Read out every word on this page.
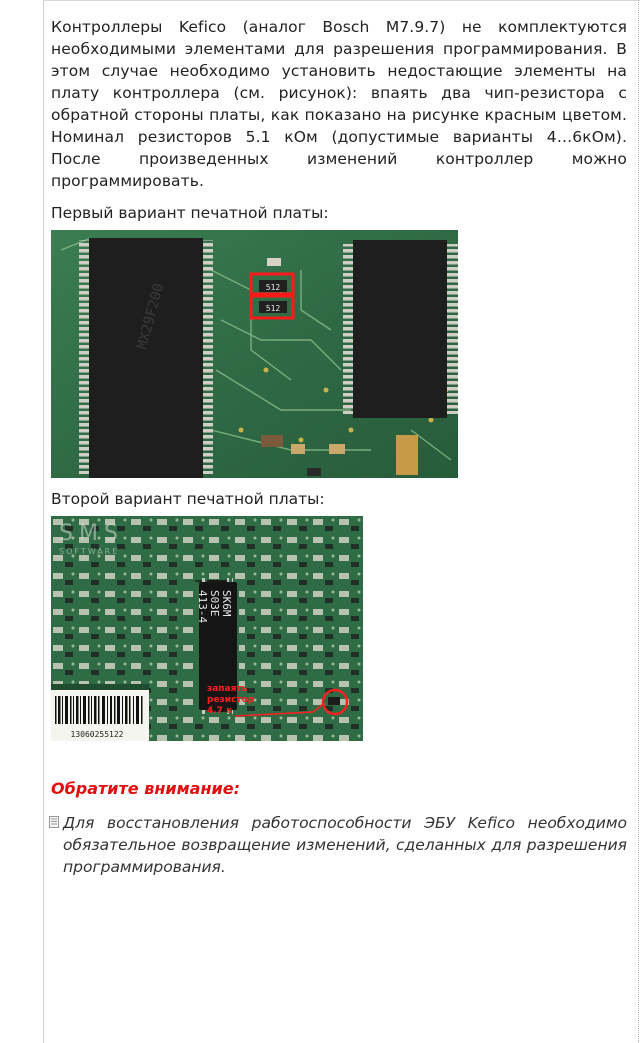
Контроллеры Kefico (аналог Bosch M7.9.7) не комплектуются необходимыми элементами для разрешения программирования. В этом случае необходимо установить недостающие элементы на плату контроллера (см. рисунок): впаять два чип-резистора с обратной стороны платы, как показано на рисунке красным цветом. Номинал резисторов 5.1 кОм (допустимые варианты 4…6кОм). После произведенных изменений контроллер можно программировать.

Первый вариант печатной платы:
MX29F200	512
512
Второй вариант печатной платы:
SMS
SOFTWARE
SK6M
S03E
413-4
запаять
резистор
4.7 к
13060255122
Обратите внимание:

Для восстановления работоспособности ЭБУ Kefico необходимо обязательное возвращение изменений, сделанных для разрешения программирования.
